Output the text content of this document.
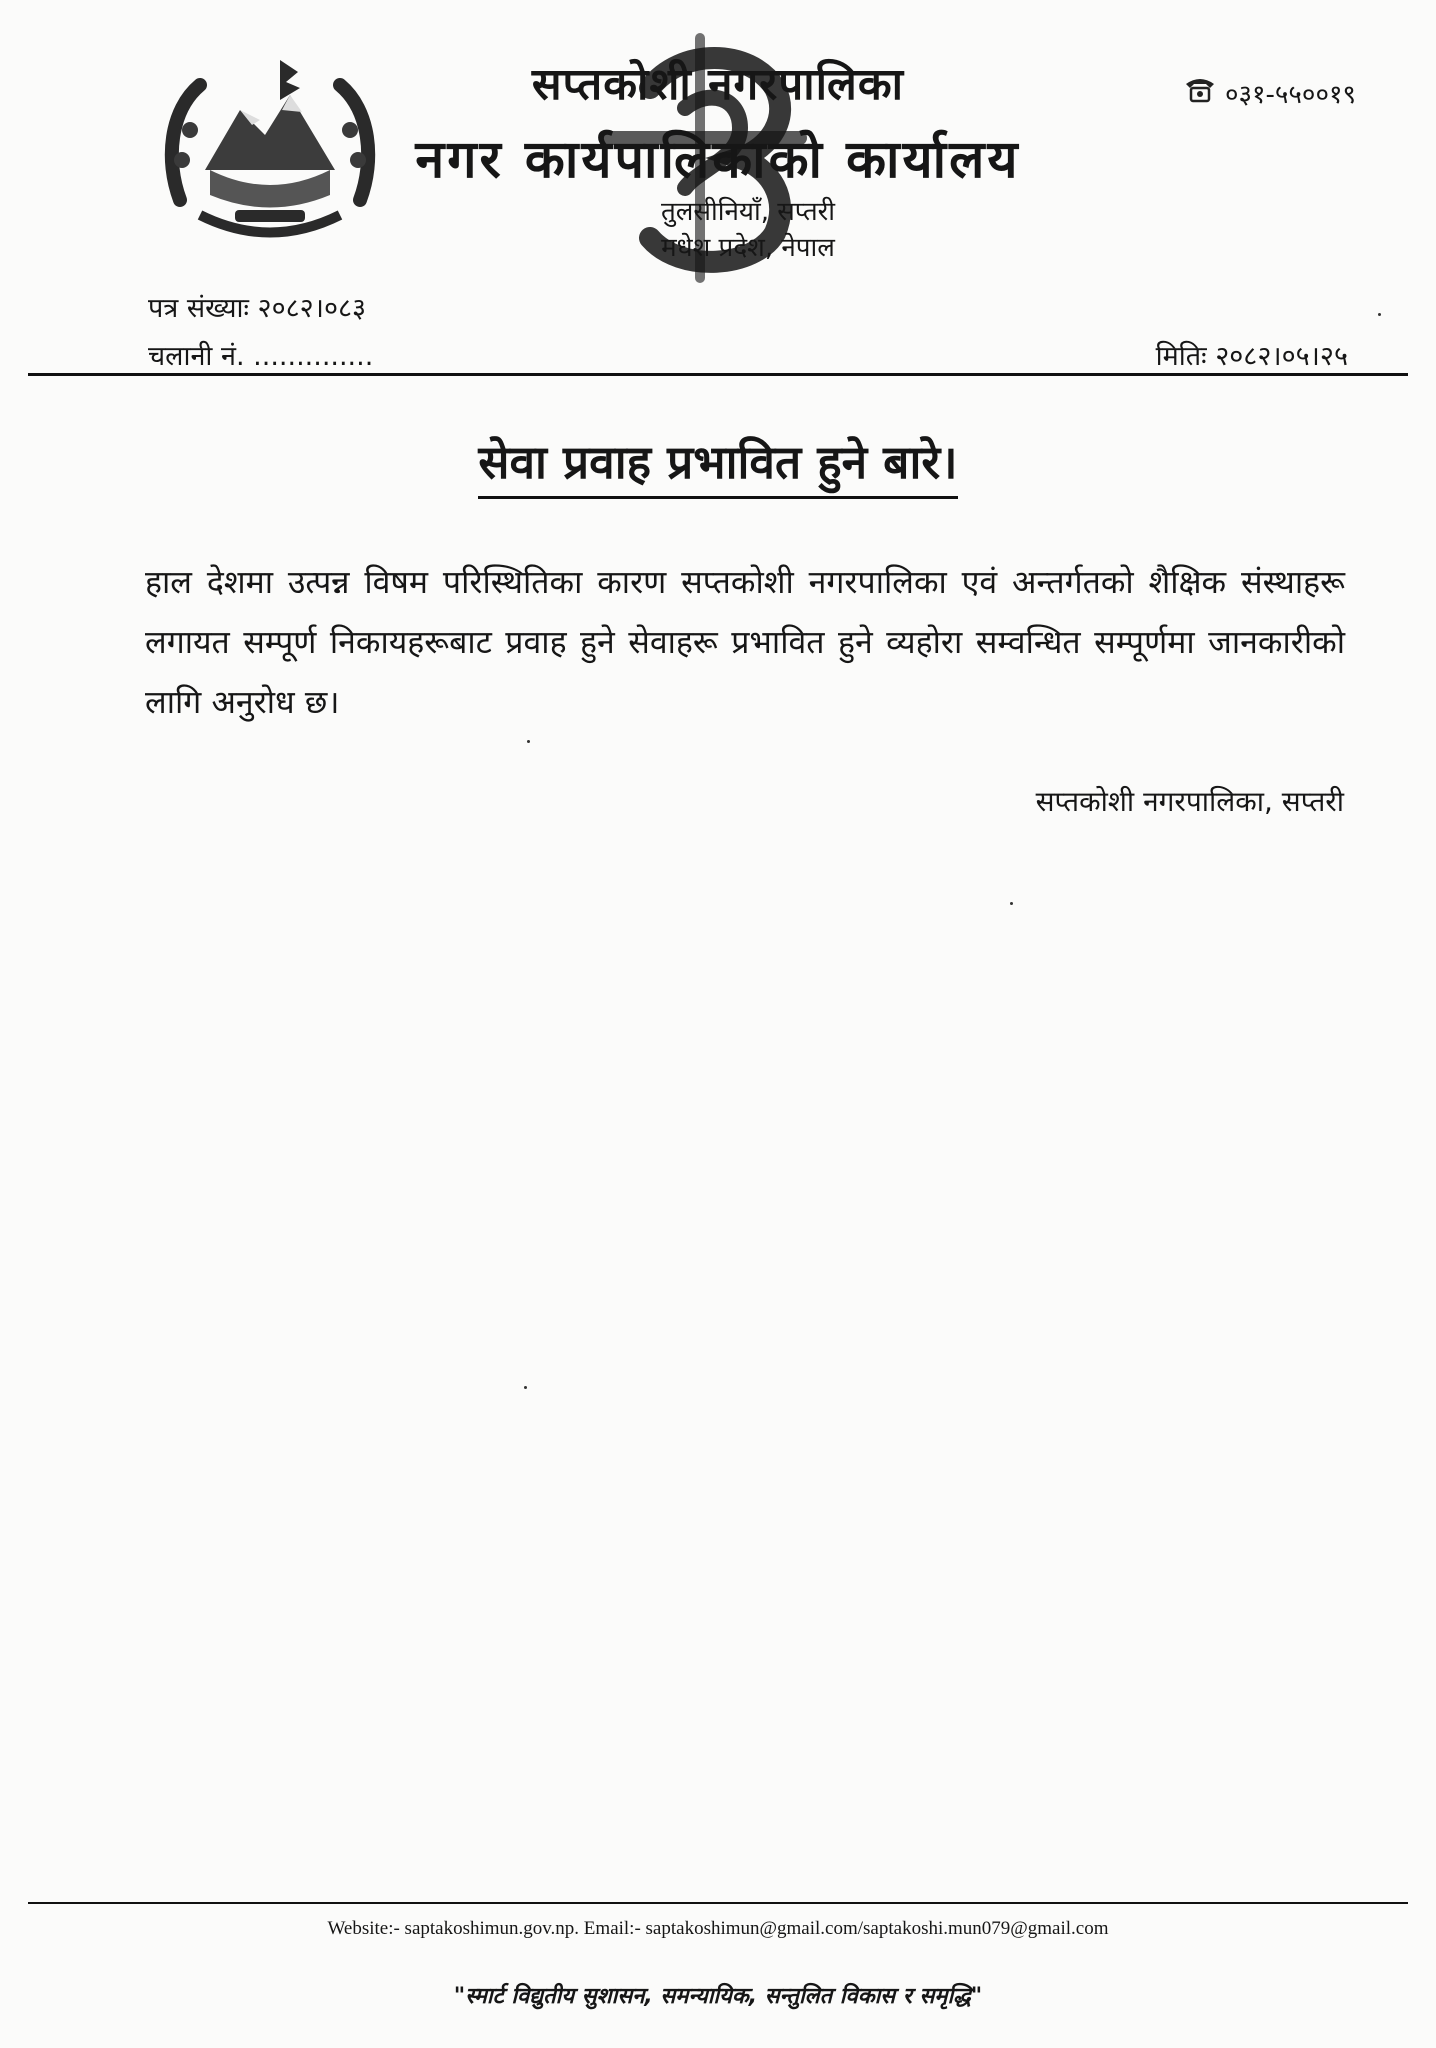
सप्तकोशी नगरपालिका
नगर कार्यपालिकाको कार्यालय
तुलसीनियाँ, सप्तरी
मधेश प्रदेश, नेपाल
०३१-५५००१९
पत्र संख्याः २०८२।०८३
चलानी नं. ..............	मितिः २०८२।०५।२५
सेवा प्रवाह प्रभावित हुने बारे।
हाल देशमा उत्पन्न विषम परिस्थितिका कारण सप्तकोशी नगरपालिका एवं अन्तर्गतको शैक्षिक संस्थाहरू लगायत सम्पूर्ण निकायहरूबाट प्रवाह हुने सेवाहरू प्रभावित हुने व्यहोरा सम्वन्धित सम्पूर्णमा जानकारीको लागि अनुरोध छ।
सप्तकोशी नगरपालिका, सप्तरी
Website:- saptakoshimun.gov.np. Email:- saptakoshimun@gmail.com/saptakoshi.mun079@gmail.com
"स्मार्ट विद्युतीय सुशासन, समन्यायिक, सन्तुलित विकास र समृद्धि"
